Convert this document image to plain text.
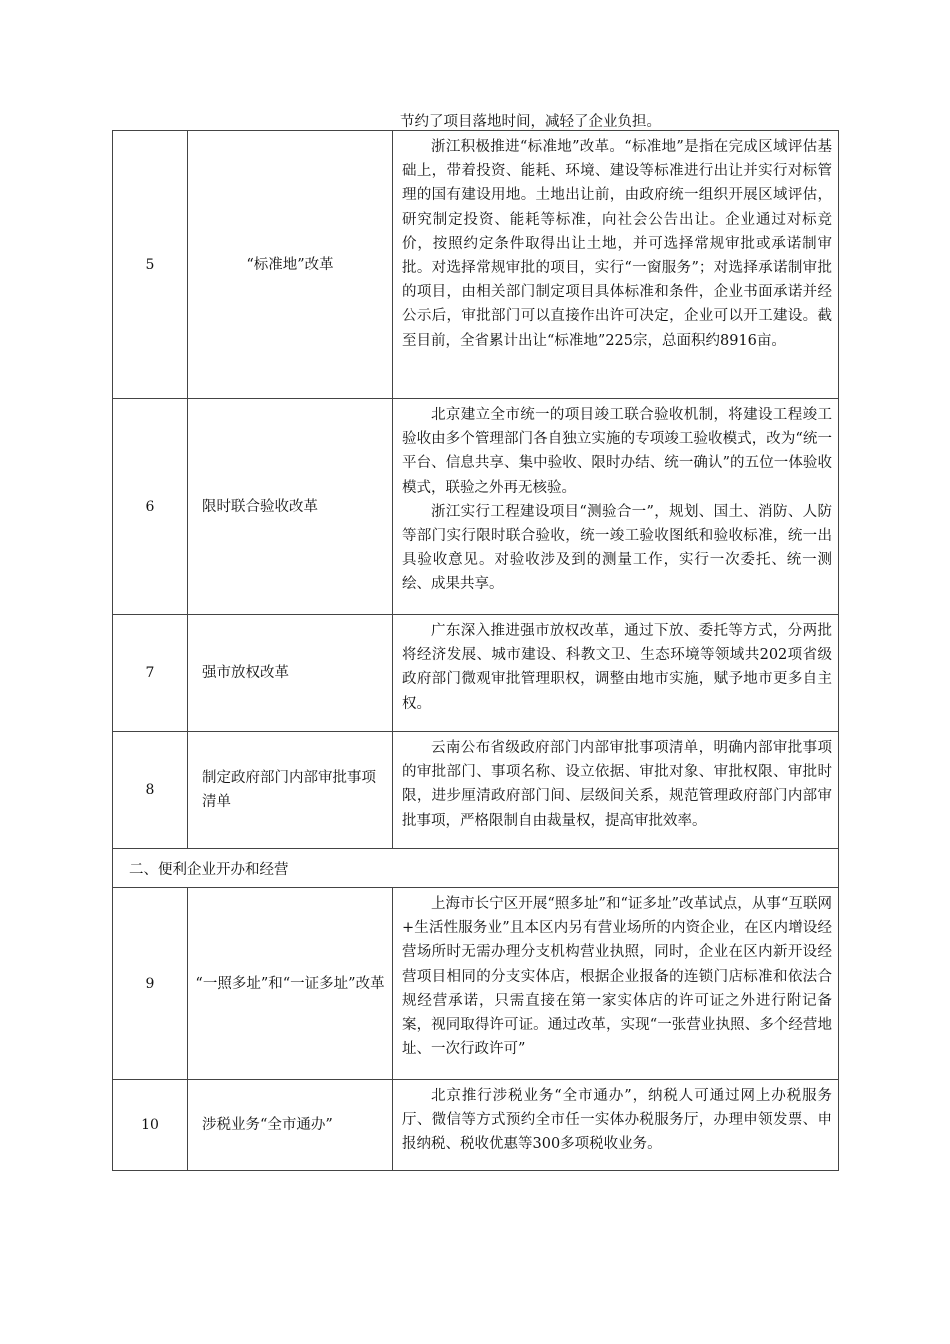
节约了项目落地时间，减轻了企业负担。
5	“标准地”改革	浙江积极推进“标准地”改革。“标准地”是指在完成区域评估基础上，带着投资、能耗、环境、建设等标准进行出让并实行对标管理的国有建设用地。土地出让前，由政府统一组织开展区域评估，研究制定投资、能耗等标准，向社会公告出让。企业通过对标竞价，按照约定条件取得出让土地，并可选择常规审批或承诺制审批。对选择常规审批的项目，实行“一窗服务”；对选择承诺制审批的项目，由相关部门制定项目具体标准和条件，企业书面承诺并经公示后，审批部门可以直接作出许可决定，企业可以开工建设。截至目前，全省累计出让“标准地”225宗，总面积约8916亩。

6	限时联合验收改革	北京建立全市统一的项目竣工联合验收机制，将建设工程竣工验收由多个管理部门各自独立实施的专项竣工验收模式，改为“统一平台、信息共享、集中验收、限时办结、统一确认”的五位一体验收模式，联验之外再无核验。

浙江实行工程建设项目“测验合一”，规划、国土、消防、人防等部门实行限时联合验收，统一竣工验收图纸和验收标准，统一出具验收意见。对验收涉及到的测量工作，实行一次委托、统一测绘、成果共享。

7	强市放权改革	广东深入推进强市放权改革，通过下放、委托等方式，分两批将经济发展、城市建设、科教文卫、生态环境等领域共202项省级政府部门微观审批管理职权，调整由地市实施，赋予地市更多自主权。

8	制定政府部门内部审批事项清单	云南公布省级政府部门内部审批事项清单，明确内部审批事项的审批部门、事项名称、设立依据、审批对象、审批权限、审批时限，进步厘清政府部门间、层级间关系，规范管理政府部门内部审批事项，严格限制自由裁量权，提高审批效率。

二、便利企业开办和经营		
9	“一照多址”和“一证多址”改革	上海市长宁区开展“照多址”和“证多址”改革试点，从事“互联网+生活性服务业”且本区内另有营业场所的内资企业，在区内增设经营场所时无需办理分支机构营业执照，同时，企业在区内新开设经营项目相同的分支实体店，根据企业报备的连锁门店标准和依法合规经营承诺，只需直接在第一家实体店的许可证之外进行附记备案，视同取得许可证。通过改革，实现“一张营业执照、多个经营地址、一次行政许可”

10	涉税业务“全市通办”	北京推行涉税业务“全市通办”，纳税人可通过网上办税服务厅、微信等方式预约全市任一实体办税服务厅，办理申领发票、申报纳税、税收优惠等300多项税收业务。
